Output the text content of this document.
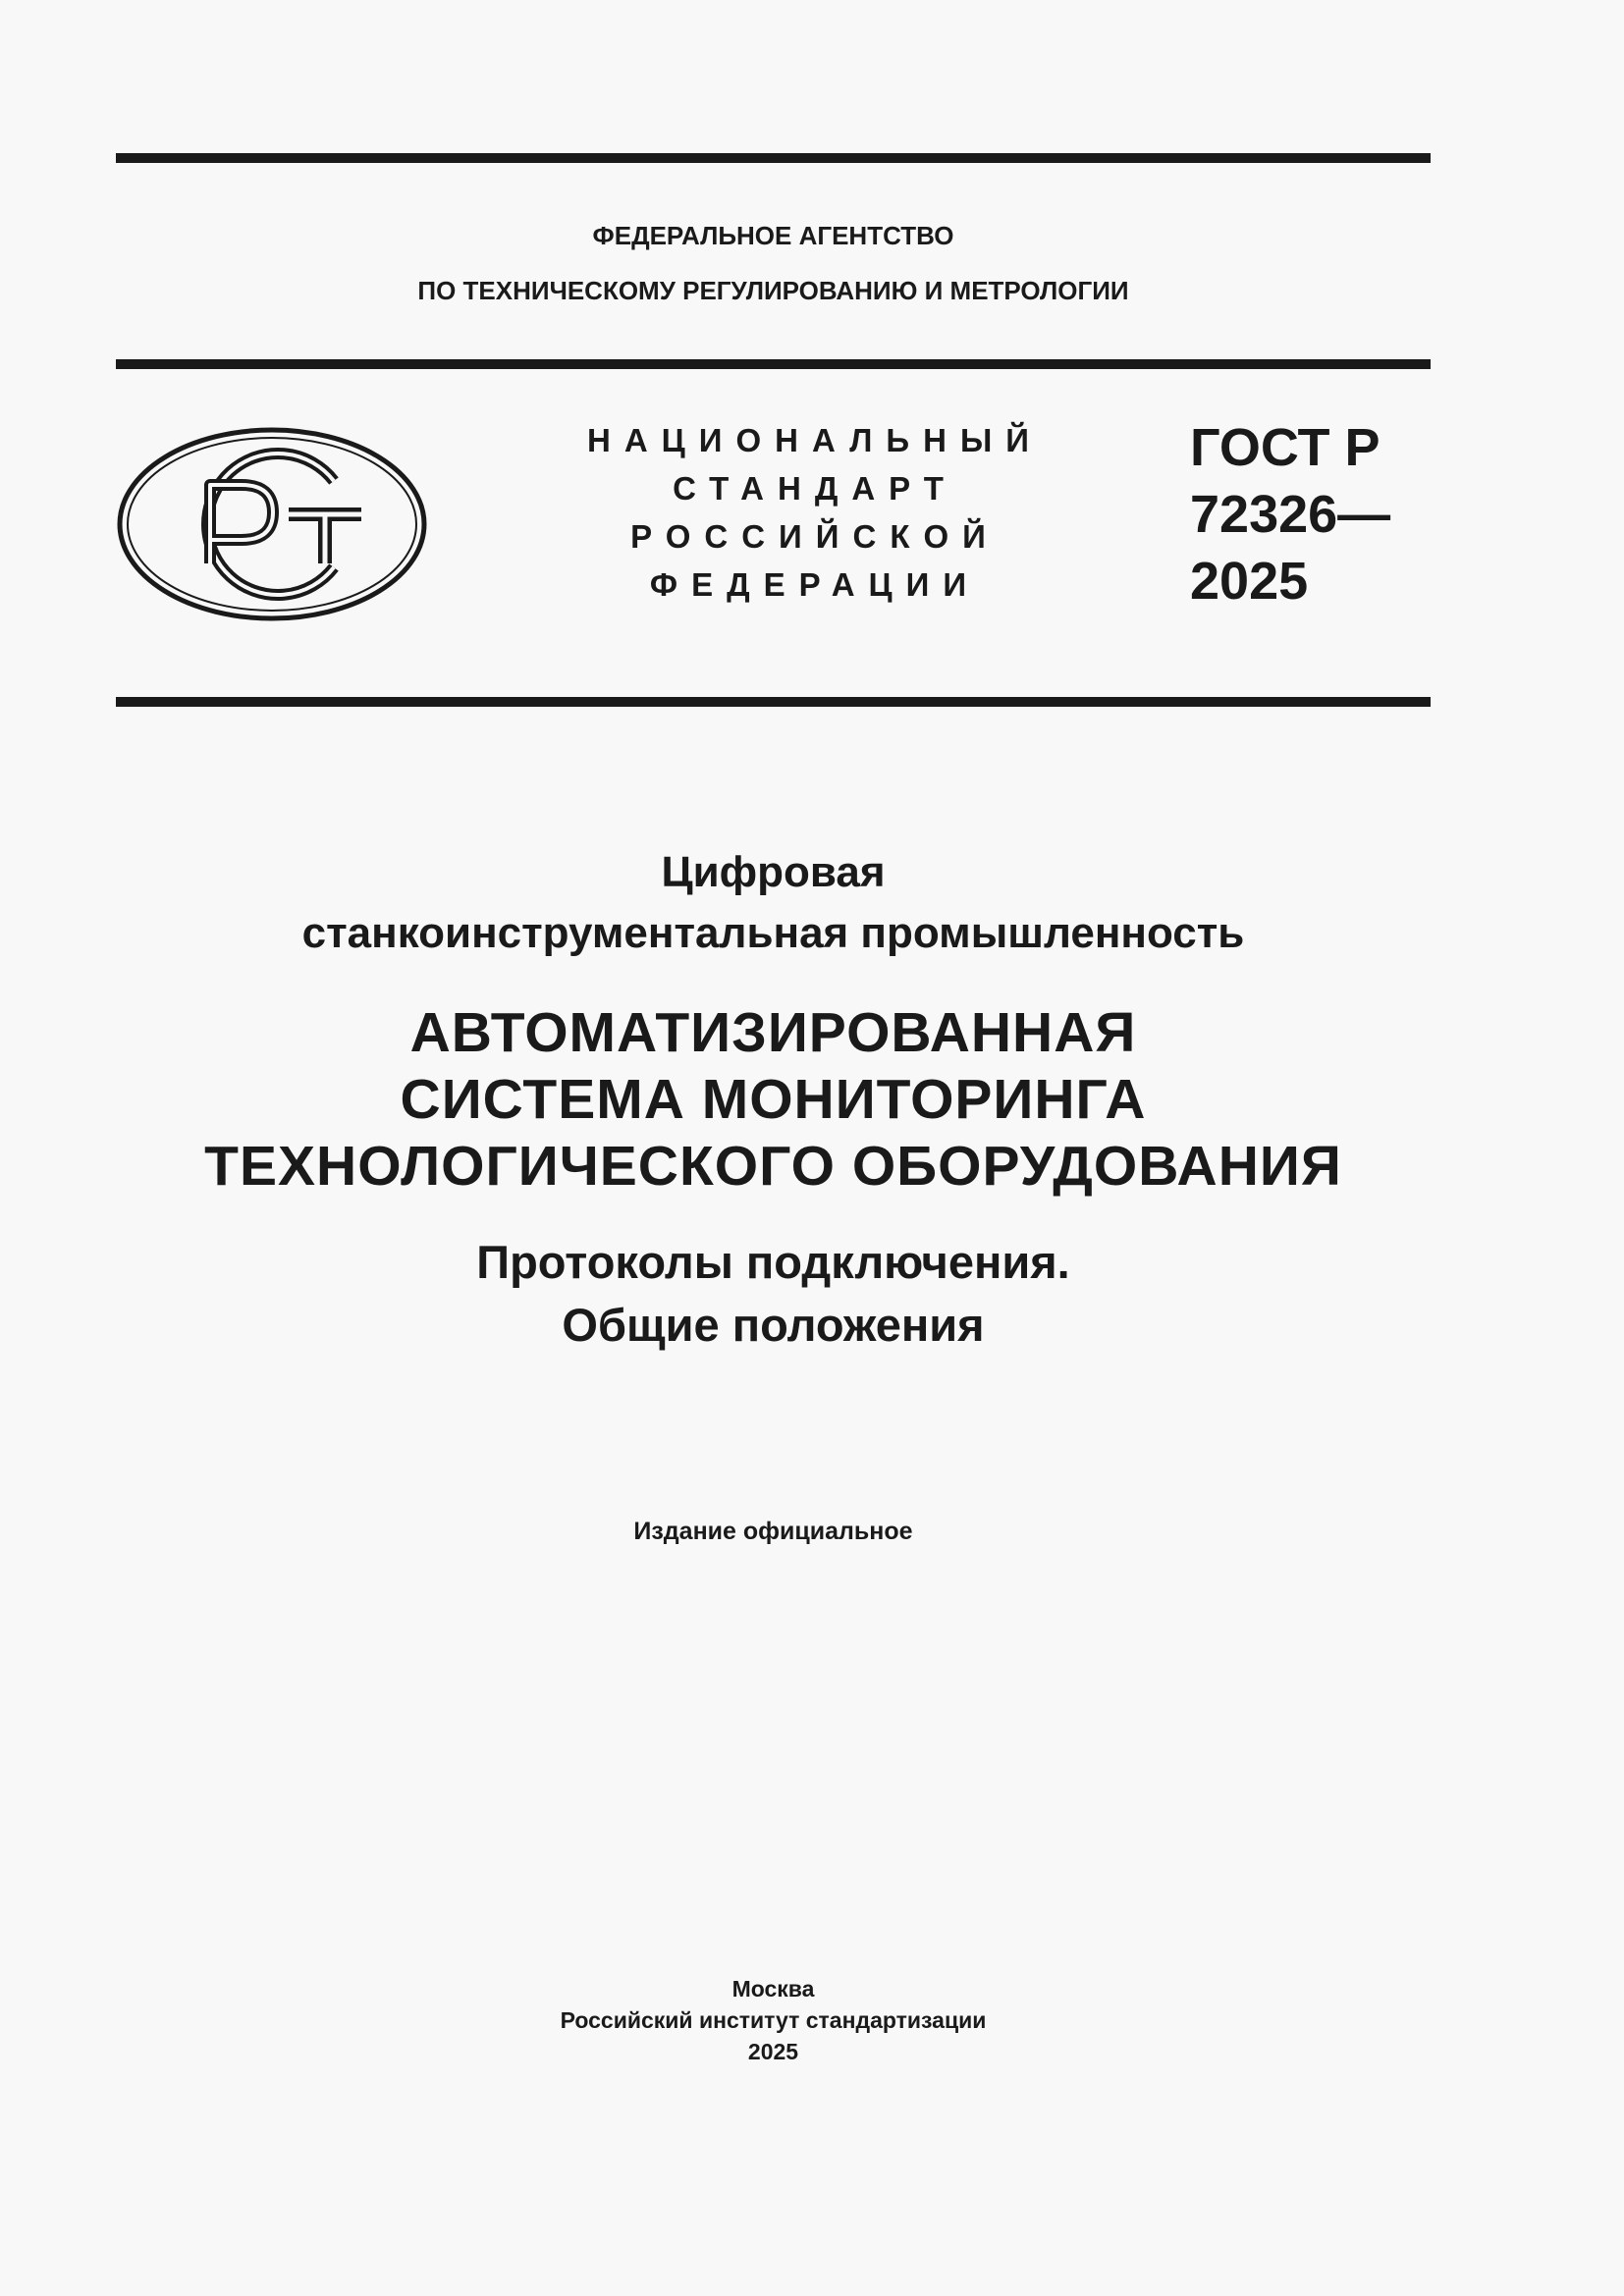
ФЕДЕРАЛЬНОЕ АГЕНТСТВО
ПО ТЕХНИЧЕСКОМУ РЕГУЛИРОВАНИЮ И МЕТРОЛОГИИ
НАЦИОНАЛЬНЫЙ
СТАНДАРТ
РОССИЙСКОЙ
ФЕДЕРАЦИИ
ГОСТ Р
72326—
2025
Цифровая
станкоинструментальная промышленность
АВТОМАТИЗИРОВАННАЯ
СИСТЕМА МОНИТОРИНГА
ТЕХНОЛОГИЧЕСКОГО ОБОРУДОВАНИЯ
Протоколы подключения.
Общие положения
Издание официальное
Москва
Российский институт стандартизации
2025
